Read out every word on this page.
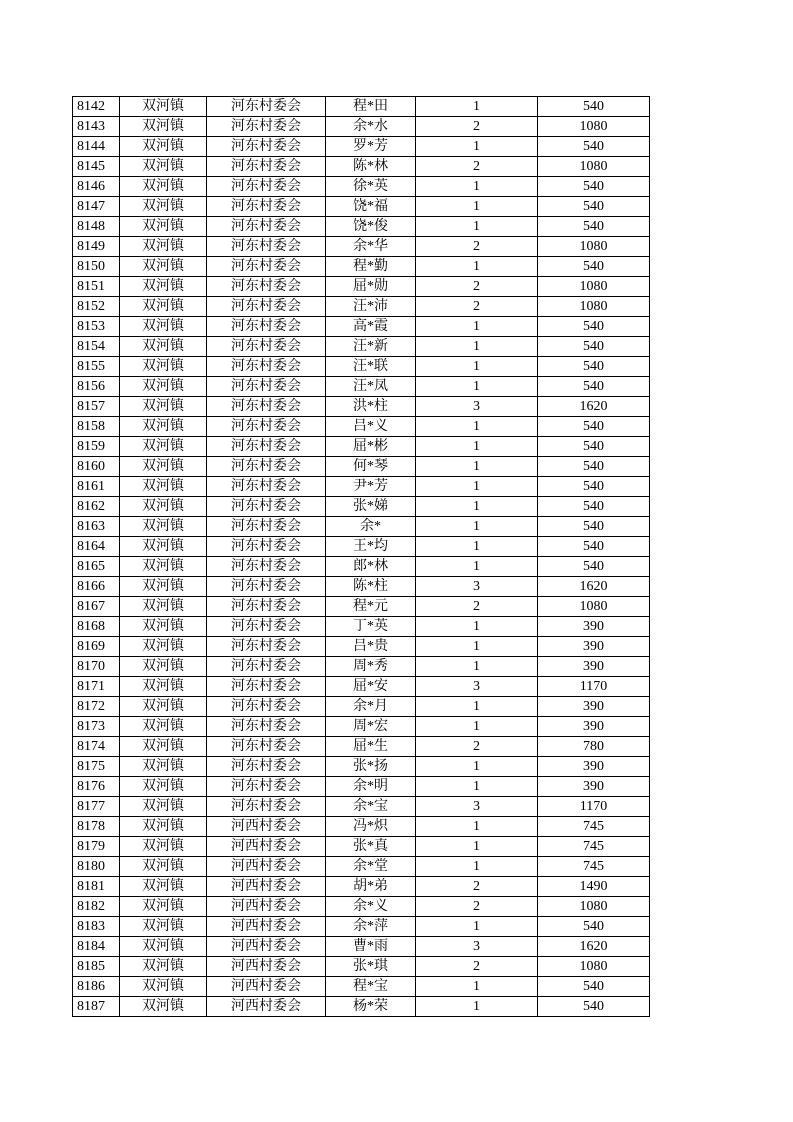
8142	双河镇	河东村委会	程*田	1	540
8143	双河镇	河东村委会	余*水	2	1080
8144	双河镇	河东村委会	罗*芳	1	540
8145	双河镇	河东村委会	陈*林	2	1080
8146	双河镇	河东村委会	徐*英	1	540
8147	双河镇	河东村委会	饶*福	1	540
8148	双河镇	河东村委会	饶*俊	1	540
8149	双河镇	河东村委会	余*华	2	1080
8150	双河镇	河东村委会	程*勤	1	540
8151	双河镇	河东村委会	屈*勋	2	1080
8152	双河镇	河东村委会	汪*沛	2	1080
8153	双河镇	河东村委会	高*霞	1	540
8154	双河镇	河东村委会	汪*新	1	540
8155	双河镇	河东村委会	汪*联	1	540
8156	双河镇	河东村委会	汪*凤	1	540
8157	双河镇	河东村委会	洪*柱	3	1620
8158	双河镇	河东村委会	吕*义	1	540
8159	双河镇	河东村委会	屈*彬	1	540
8160	双河镇	河东村委会	何*琴	1	540
8161	双河镇	河东村委会	尹*芳	1	540
8162	双河镇	河东村委会	张*娣	1	540
8163	双河镇	河东村委会	余*	1	540
8164	双河镇	河东村委会	王*均	1	540
8165	双河镇	河东村委会	郎*林	1	540
8166	双河镇	河东村委会	陈*柱	3	1620
8167	双河镇	河东村委会	程*元	2	1080
8168	双河镇	河东村委会	丁*英	1	390
8169	双河镇	河东村委会	吕*贵	1	390
8170	双河镇	河东村委会	周*秀	1	390
8171	双河镇	河东村委会	屈*安	3	1170
8172	双河镇	河东村委会	余*月	1	390
8173	双河镇	河东村委会	周*宏	1	390
8174	双河镇	河东村委会	屈*生	2	780
8175	双河镇	河东村委会	张*扬	1	390
8176	双河镇	河东村委会	余*明	1	390
8177	双河镇	河东村委会	余*宝	3	1170
8178	双河镇	河西村委会	冯*炽	1	745
8179	双河镇	河西村委会	张*真	1	745
8180	双河镇	河西村委会	余*堂	1	745
8181	双河镇	河西村委会	胡*弟	2	1490
8182	双河镇	河西村委会	余*义	2	1080
8183	双河镇	河西村委会	余*萍	1	540
8184	双河镇	河西村委会	曹*雨	3	1620
8185	双河镇	河西村委会	张*琪	2	1080
8186	双河镇	河西村委会	程*宝	1	540
8187	双河镇	河西村委会	杨*荣	1	540
